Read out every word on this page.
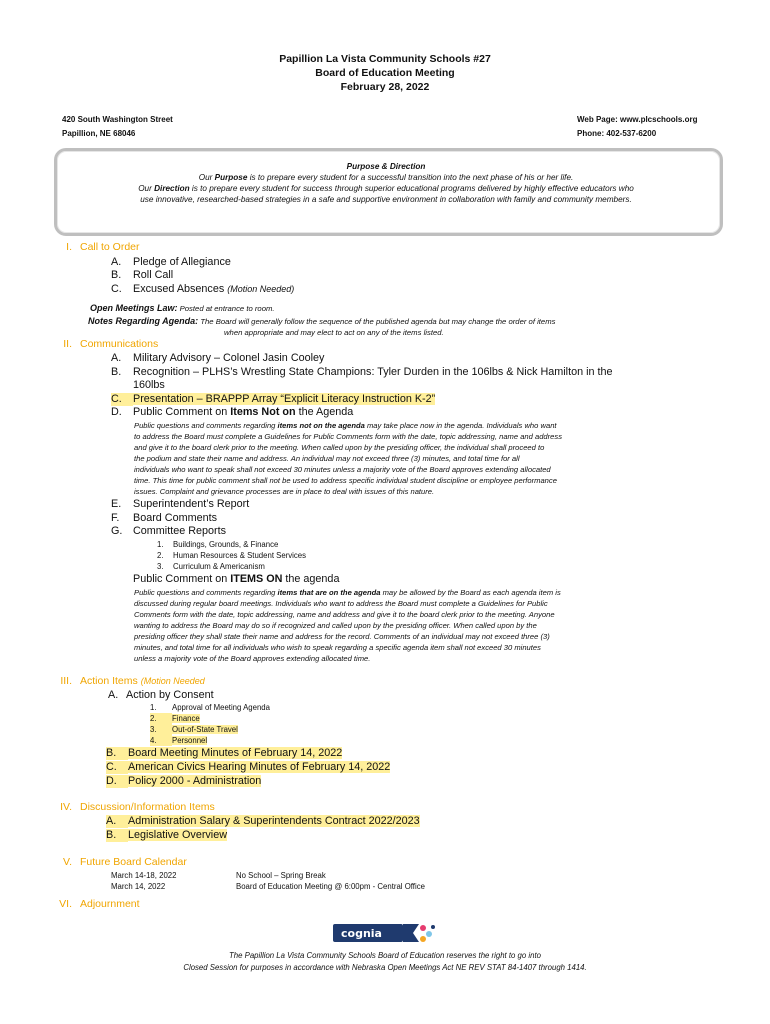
Papillion La Vista Community Schools #27
Board of Education Meeting
February 28, 2022
420 South Washington Street
Papillion, NE 68046
Web Page: www.plcschools.org
Phone: 402-537-6200
Purpose & Direction
Our Purpose is to prepare every student for a successful transition into the next phase of his or her life.
Our Direction is to prepare every student for success through superior educational programs delivered by highly effective educators who
use innovative, researched-based strategies in a safe and supportive environment in collaboration with family and community members.
I. Call to Order
A. Pledge of Allegiance
B. Roll Call
C. Excused Absences (Motion Needed)
Open Meetings Law: Posted at entrance to room.
Notes Regarding Agenda: The Board will generally follow the sequence of the published agenda but may change the order of items
when appropriate and may elect to act on any of the items listed.
II. Communications
A. Military Advisory – Colonel Jasin Cooley
B. Recognition – PLHS’s Wrestling State Champions: Tyler Durden in the 106lbs & Nick Hamilton in the
160lbs
C. Presentation – BRAPPP Array “Explicit Literacy Instruction K-2”
D. Public Comment on Items Not on the Agenda
Public questions and comments regarding items not on the agenda may take place now in the agenda. Individuals who want
to address the Board must complete a Guidelines for Public Comments form with the date, topic addressing, name and address
and give it to the board clerk prior to the meeting. When called upon by the presiding officer, the individual shall proceed to
the podium and state their name and address. An individual may not exceed three (3) minutes, and total time for all
individuals who want to speak shall not exceed 30 minutes unless a majority vote of the Board approves extending allocated
time. This time for public comment shall not be used to address specific individual student discipline or employee performance
issues. Complaint and grievance processes are in place to deal with issues of this nature.
E. Superintendent’s Report
F. Board Comments
G. Committee Reports
1. Buildings, Grounds, & Finance
2. Human Resources & Student Services
3. Curriculum & Americanism
Public Comment on ITEMS ON the agenda
Public questions and comments regarding items that are on the agenda may be allowed by the Board as each agenda item is
discussed during regular board meetings. Individuals who want to address the Board must complete a Guidelines for Public
Comments form with the date, topic addressing, name and address and give it to the board clerk prior to the meeting. Anyone
wanting to address the Board may do so if recognized and called upon by the presiding officer. When called upon by the
presiding officer they shall state their name and address for the record. Comments of an individual may not exceed three (3)
minutes, and total time for all individuals who wish to speak regarding a specific agenda item shall not exceed 30 minutes
unless a majority vote of the Board approves extending allocated time.
III. Action Items (Motion Needed
A. Action by Consent
1. Approval of Meeting Agenda
2. Finance
3. Out-of-State Travel
4. Personnel
B. Board Meeting Minutes of February 14, 2022
C. American Civics Hearing Minutes of February 14, 2022
D. Policy 2000 - Administration
IV. Discussion/Information Items
A. Administration Salary & Superintendents Contract 2022/2023
B. Legislative Overview
V. Future Board Calendar
March 14-18, 2022	No School – Spring Break
March 14, 2022	Board of Education Meeting @ 6:00pm - Central Office
VI. Adjournment
cognia
The Papillion La Vista Community Schools Board of Education reserves the right to go into
Closed Session for purposes in accordance with Nebraska Open Meetings Act NE REV STAT 84-1407 through 1414.
